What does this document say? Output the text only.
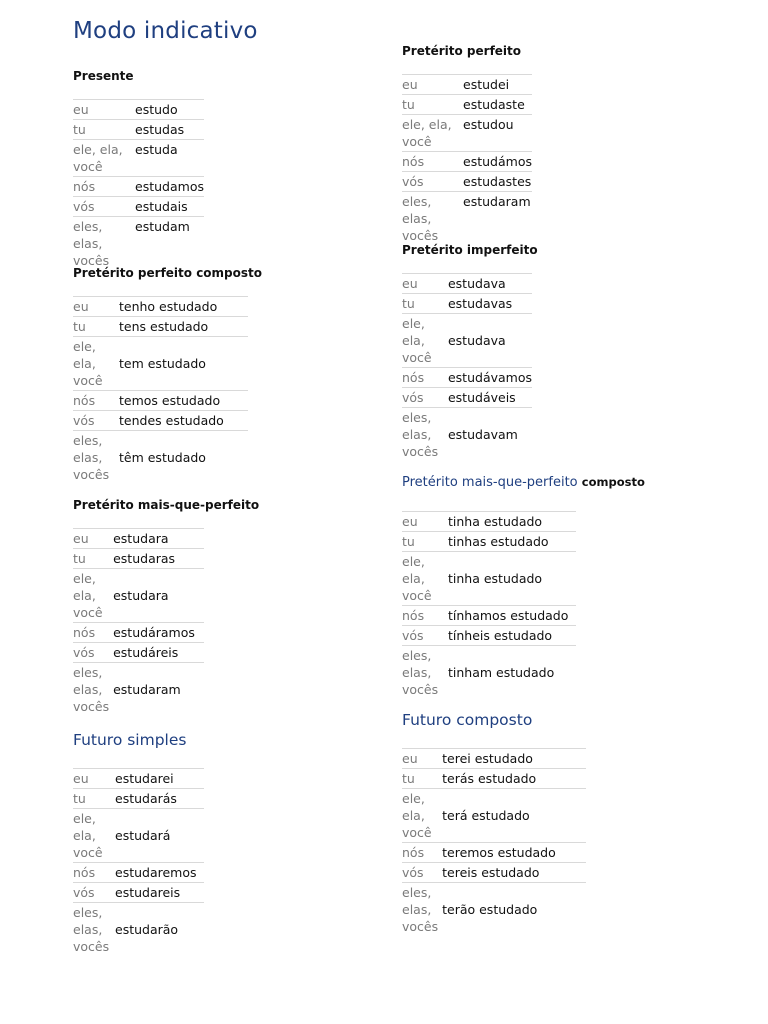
Modo indicativo

Presente

eu	estudo
tu	estudas
ele, ela, você	estuda
nós	estudamos
vós	estudais
eles, elas, vocês	estudam

Pretérito perfeito composto

eu	tenho estudado
tu	tens estudado
ele, ela, você	tem estudado
nós	temos estudado
vós	tendes estudado
eles, elas, vocês	têm estudado

Pretérito mais-que-perfeito

eu	estudara
tu	estudaras
ele, ela, você	estudara
nós	estudáramos
vós	estudáreis
eles, elas, vocês	estudaram

Futuro simples

eu	estudarei
tu	estudarás
ele, ela, você	estudará
nós	estudaremos
vós	estudareis
eles, elas, vocês	estudarão

Pretérito perfeito

eu	estudei
tu	estudaste
ele, ela, você	estudou
nós	estudámos
vós	estudastes
eles, elas, vocês	estudaram

Pretérito imperfeito

eu	estudava
tu	estudavas
ele, ela, você	estudava
nós	estudávamos
vós	estudáveis
eles, elas, vocês	estudavam

Pretérito mais-que-perfeito composto

eu	tinha estudado
tu	tinhas estudado
ele, ela, você	tinha estudado
nós	tínhamos estudado
vós	tínheis estudado
eles, elas, vocês	tinham estudado

Futuro composto

eu	terei estudado
tu	terás estudado
ele, ela, você	terá estudado
nós	teremos estudado
vós	tereis estudado
eles, elas, vocês	terão estudado
